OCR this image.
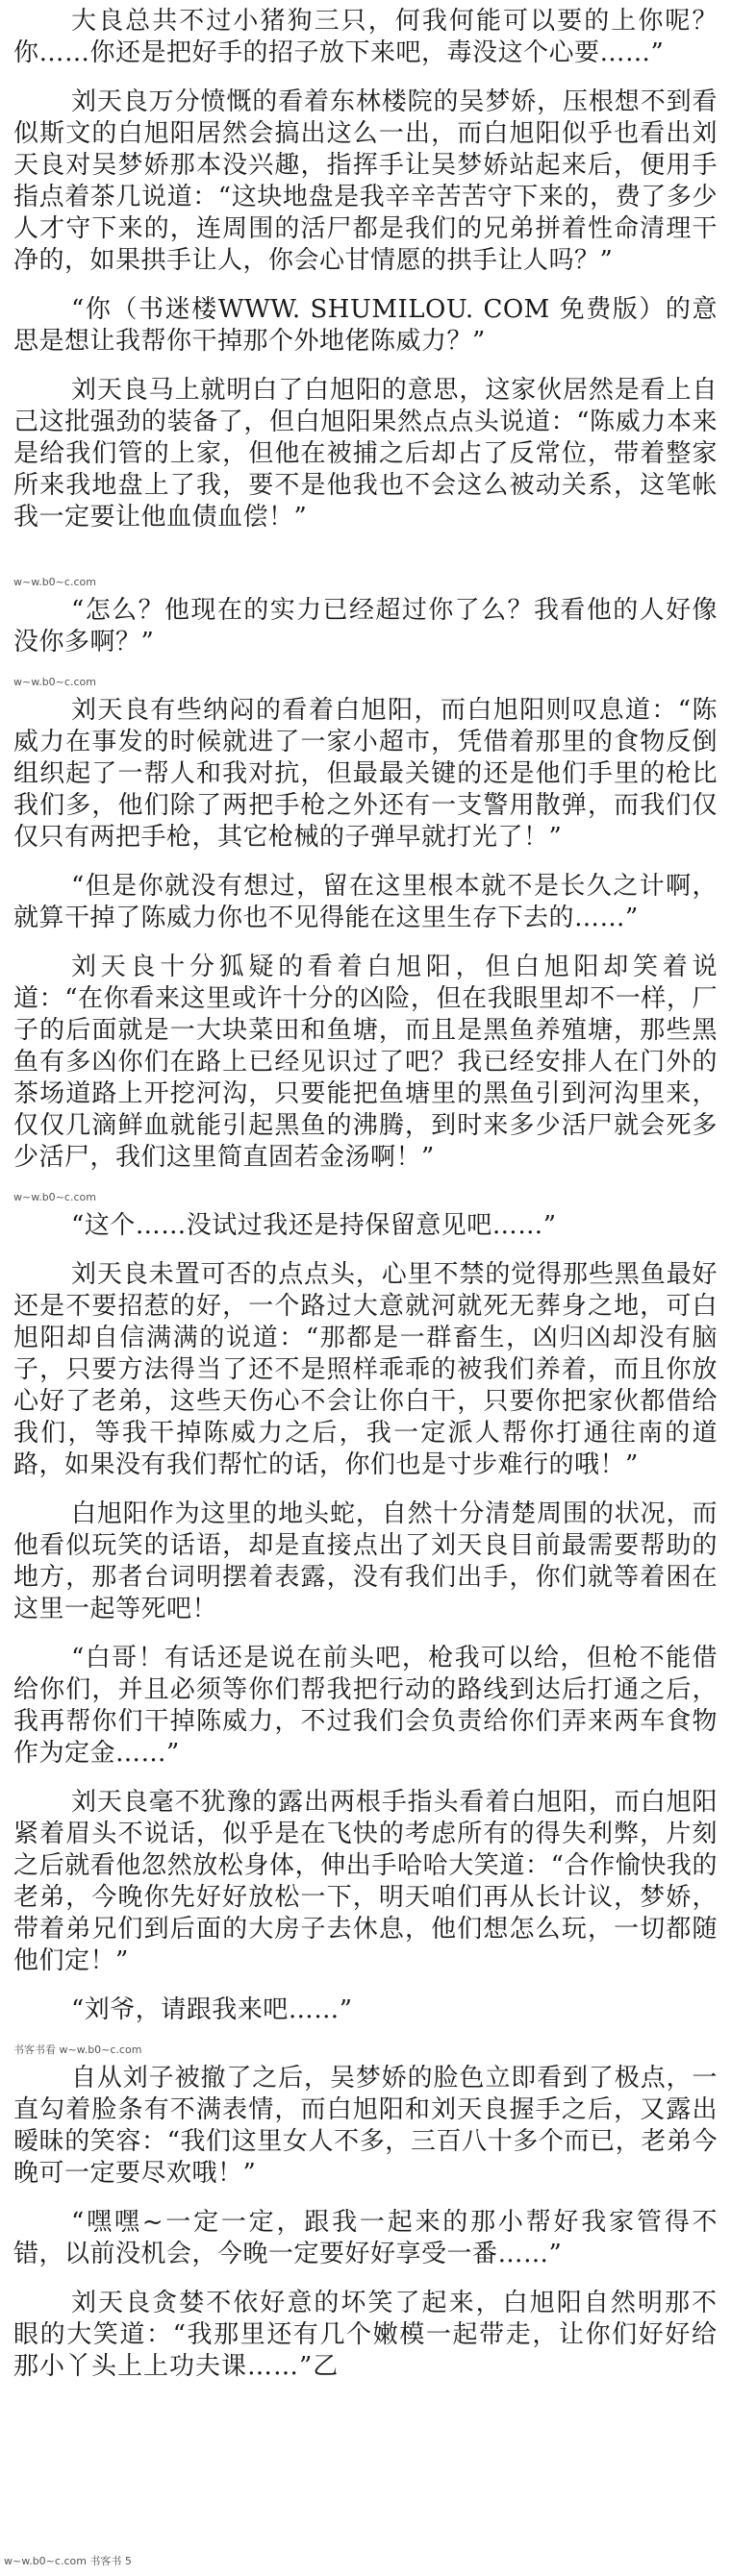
大良总共不过小猪狗三只，何我何能可以要的上你呢？你……你还是把好手的招子放下来吧，毒没这个心要……”

刘天良万分愤慨的看着东林楼院的吴梦娇，压根想不到看似斯文的白旭阳居然会搞出这么一出，而白旭阳似乎也看出刘天良对吴梦娇那本没兴趣，指挥手让吴梦娇站起来后，便用手指点着茶几说道：“这块地盘是我辛辛苦苦守下来的，费了多少人才守下来的，连周围的活尸都是我们的兄弟拼着性命清理干净的，如果拱手让人，你会心甘情愿的拱手让人吗？”

“你（书迷楼WWW. SHUMILOU. COM 免费版）的意思是想让我帮你干掉那个外地佬陈威力？”

刘天良马上就明白了白旭阳的意思，这家伙居然是看上自己这批强劲的装备了，但白旭阳果然点点头说道：“陈威力本来是给我们管的上家，但他在被捕之后却占了反常位，带着整家所来我地盘上了我，要不是他我也不会这么被动关系，这笔帐我一定要让他血债血偿！”

w~w.b0~c.com

“怎么？他现在的实力已经超过你了么？我看他的人好像没你多啊？”

w~w.b0~c.com

刘天良有些纳闷的看着白旭阳，而白旭阳则叹息道：“陈威力在事发的时候就进了一家小超市，凭借着那里的食物反倒组织起了一帮人和我对抗，但最最关键的还是他们手里的枪比我们多，他们除了两把手枪之外还有一支警用散弹，而我们仅仅只有两把手枪，其它枪械的子弹早就打光了！”

“但是你就没有想过，留在这里根本就不是长久之计啊，就算干掉了陈威力你也不见得能在这里生存下去的……”

刘天良十分狐疑的看着白旭阳，但白旭阳却笑着说道：“在你看来这里或许十分的凶险，但在我眼里却不一样，厂子的后面就是一大块菜田和鱼塘，而且是黑鱼养殖塘，那些黑鱼有多凶你们在路上已经见识过了吧？我已经安排人在门外的茶场道路上开挖河沟，只要能把鱼塘里的黑鱼引到河沟里来，仅仅几滴鲜血就能引起黑鱼的沸腾，到时来多少活尸就会死多少活尸，我们这里简直固若金汤啊！”

w~w.b0~c.com

“这个……没试过我还是持保留意见吧……”

刘天良未置可否的点点头，心里不禁的觉得那些黑鱼最好还是不要招惹的好，一个路过大意就河就死无葬身之地，可白旭阳却自信满满的说道：“那都是一群畜生，凶归凶却没有脑子，只要方法得当了还不是照样乖乖的被我们养着，而且你放心好了老弟，这些天伤心不会让你白干，只要你把家伙都借给我们，等我干掉陈威力之后，我一定派人帮你打通往南的道路，如果没有我们帮忙的话，你们也是寸步难行的哦！”

白旭阳作为这里的地头蛇，自然十分清楚周围的状况，而他看似玩笑的话语，却是直接点出了刘天良目前最需要帮助的地方，那者台词明摆着表露，没有我们出手，你们就等着困在这里一起等死吧！

“白哥！有话还是说在前头吧，枪我可以给，但枪不能借给你们，并且必须等你们帮我把行动的路线到达后打通之后，我再帮你们干掉陈威力，不过我们会负责给你们弄来两车食物作为定金……”

刘天良毫不犹豫的露出两根手指头看着白旭阳，而白旭阳紧着眉头不说话，似乎是在飞快的考虑所有的得失利弊，片刻之后就看他忽然放松身体，伸出手哈哈大笑道：“合作愉快我的老弟，今晚你先好好放松一下，明天咱们再从长计议，梦娇，带着弟兄们到后面的大房子去休息，他们想怎么玩，一切都随他们定！”

“刘爷，请跟我来吧……”

书客书看 w~w.b0~c.com

自从刘子被撤了之后，吴梦娇的脸色立即看到了极点，一直勾着脸条有不满表情，而白旭阳和刘天良握手之后，又露出暧昧的笑容：“我们这里女人不多，三百八十多个而已，老弟今晚可一定要尽欢哦！”

“嘿嘿~一定一定，跟我一起来的那小帮好我家管得不错，以前没机会，今晚一定要好好享受一番……”

刘天良贪婪不依好意的坏笑了起来，白旭阳自然明那不眼的大笑道：“我那里还有几个嫩模一起带走，让你们好好给那小丫头上上功夫课……”乙

w~w.b0~c.com 书客书 5
